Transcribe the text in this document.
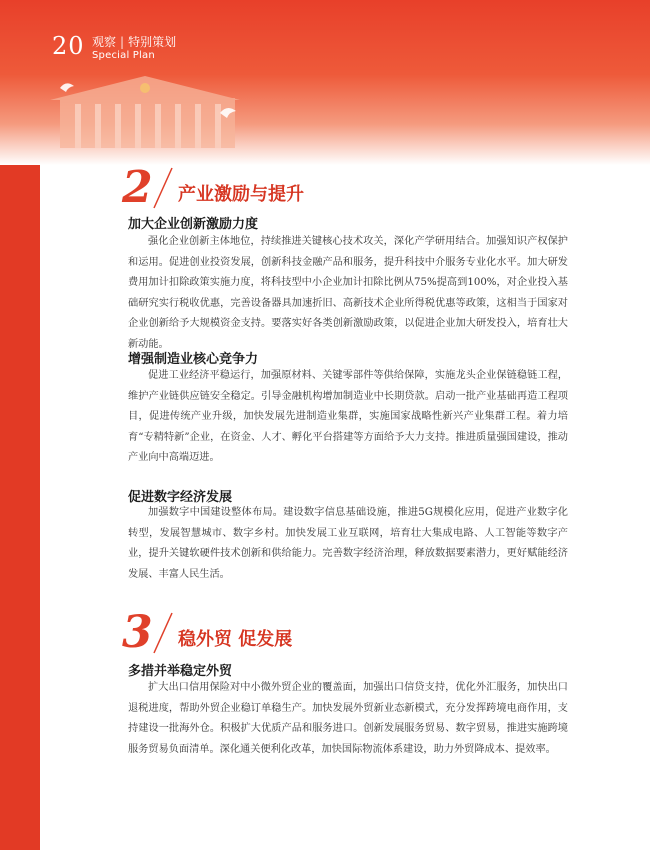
20 观察 | 特别策划
Special Plan
2 产业激励与提升
加大企业创新激励力度

强化企业创新主体地位，持续推进关键核心技术攻关，深化产学研用结合。加强知识产权保护和运用。促进创业投资发展，创新科技金融产品和服务，提升科技中介服务专业化水平。加大研发费用加计扣除政策实施力度，将科技型中小企业加计扣除比例从75%提高到100%，对企业投入基础研究实行税收优惠，完善设备器具加速折旧、高新技术企业所得税优惠等政策，这相当于国家对企业创新给予大规模资金支持。要落实好各类创新激励政策，以促进企业加大研发投入，培育壮大新动能。

增强制造业核心竞争力

促进工业经济平稳运行，加强原材料、关键零部件等供给保障，实施龙头企业保链稳链工程，维护产业链供应链安全稳定。引导金融机构增加制造业中长期贷款。启动一批产业基础再造工程项目，促进传统产业升级，加快发展先进制造业集群，实施国家战略性新兴产业集群工程。着力培育“专精特新”企业，在资金、人才、孵化平台搭建等方面给予大力支持。推进质量强国建设，推动产业向中高端迈进。

促进数字经济发展

加强数字中国建设整体布局。建设数字信息基础设施，推进5G规模化应用，促进产业数字化转型，发展智慧城市、数字乡村。加快发展工业互联网，培育壮大集成电路、人工智能等数字产业，提升关键软硬件技术创新和供给能力。完善数字经济治理，释放数据要素潜力，更好赋能经济发展、丰富人民生活。

3 稳外贸 促发展
多措并举稳定外贸

扩大出口信用保险对中小微外贸企业的覆盖面，加强出口信贷支持，优化外汇服务，加快出口退税进度，帮助外贸企业稳订单稳生产。加快发展外贸新业态新模式，充分发挥跨境电商作用，支持建设一批海外仓。积极扩大优质产品和服务进口。创新发展服务贸易、数字贸易，推进实施跨境服务贸易负面清单。深化通关便利化改革，加快国际物流体系建设，助力外贸降成本、提效率。
